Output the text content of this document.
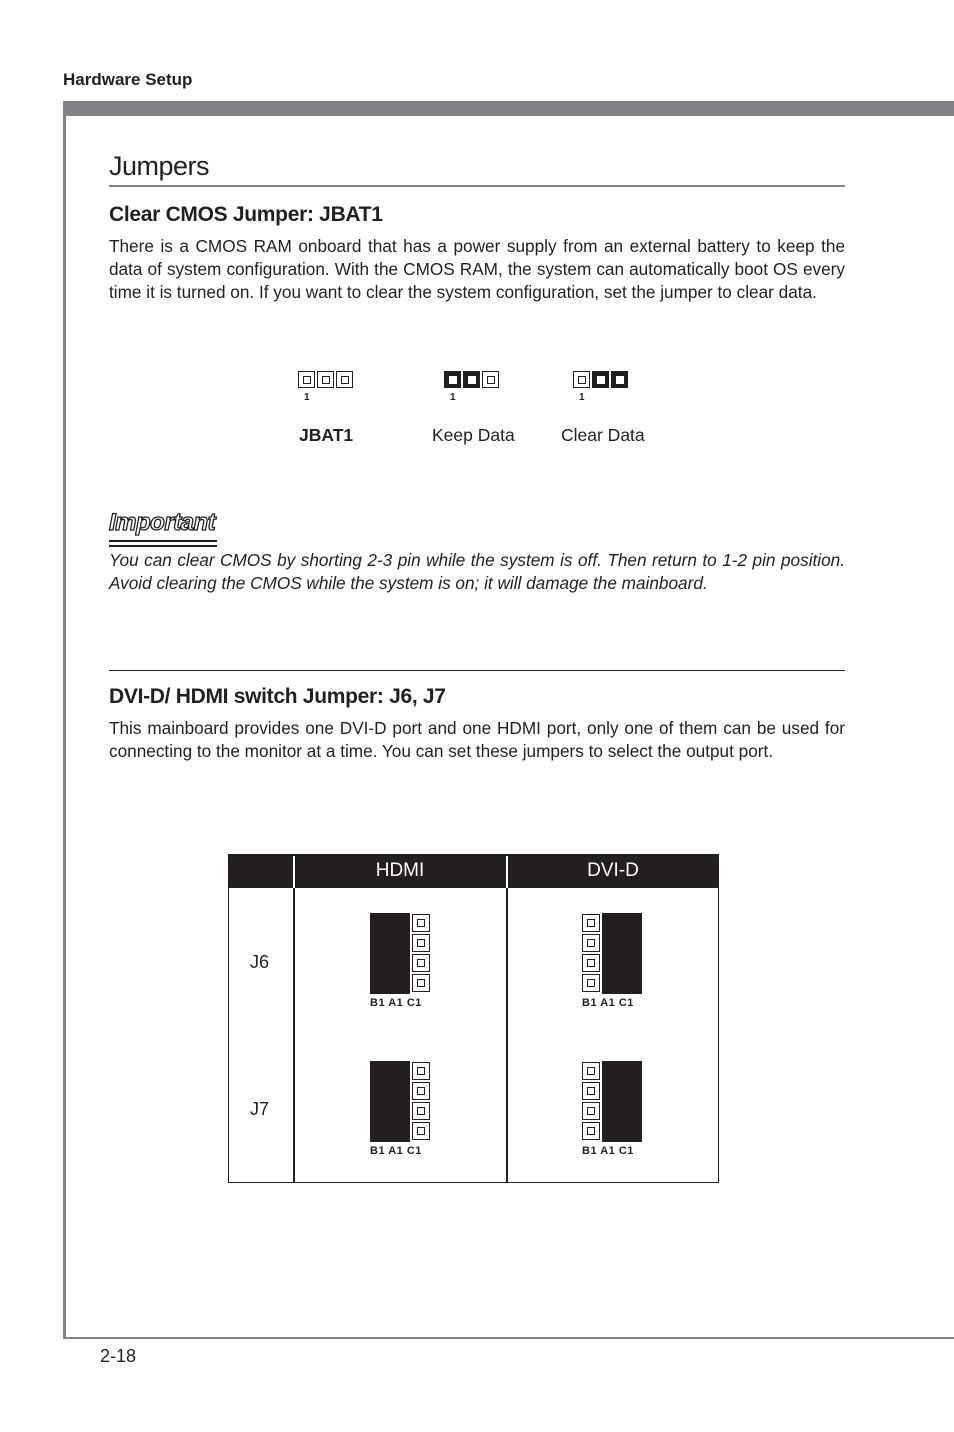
Hardware Setup
2-18
Jumpers
Clear CMOS Jumper: JBAT1
There is a CMOS RAM onboard that has a power supply from an external battery to keep the data of system configuration. With the CMOS RAM, the system can automatically boot OS every time it is turned on. If you want to clear the system configuration, set the jumper to clear data.
1	1	1
JBAT1	Keep Data	Clear Data
Important
You can clear CMOS by shorting 2-3 pin while the system is off. Then return to 1-2 pin position. Avoid clearing the CMOS while the system is on; it will damage the mainboard.
DVI-D/ HDMI switch Jumper: J6, J7
This mainboard provides one DVI-D port and one HDMI port, only one of them can be used for connecting to the monitor at a time. You can set these jumpers to select the output port.
HDMI	DVI-D
J6
J7
B1 A1 C1	B1 A1 C1
B1 A1 C1	B1 A1 C1
